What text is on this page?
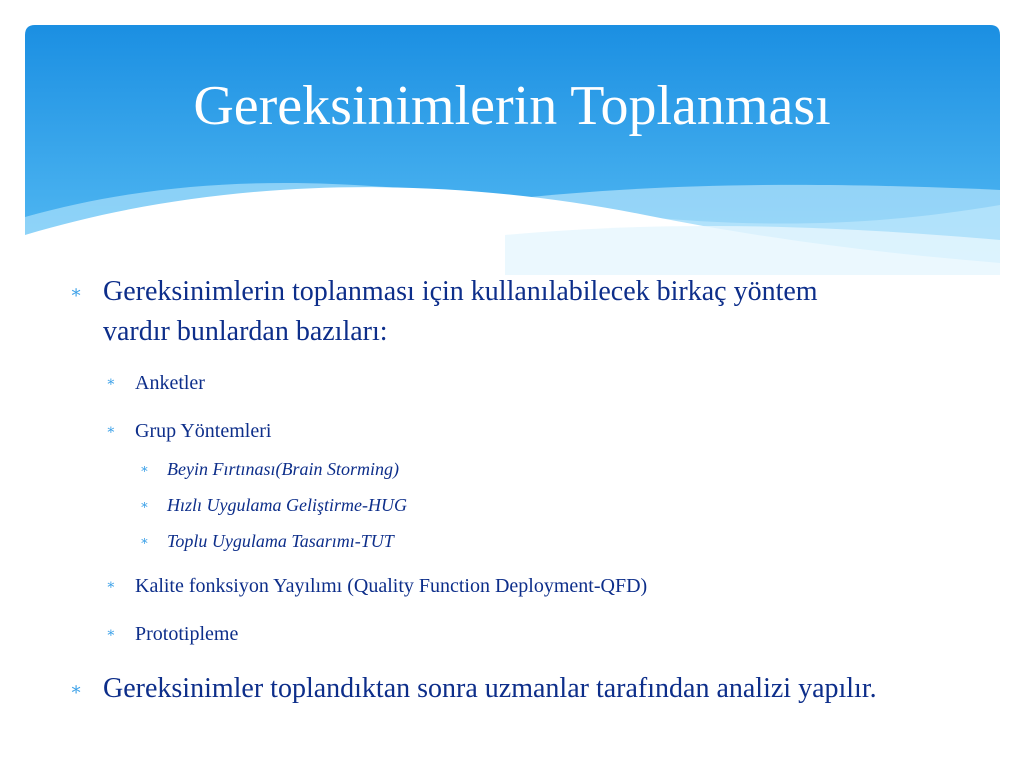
Gereksinimlerin Toplanması
∗ Gereksinimlerin toplanması için kullanılabilecek birkaç yöntem
vardır bunlardan bazıları:
∗ Anketler
∗ Grup Yöntemleri
∗ Beyin Fırtınası(Brain Storming)
∗ Hızlı Uygulama Geliştirme-HUG
∗ Toplu Uygulama Tasarımı-TUT
∗ Kalite fonksiyon Yayılımı (Quality Function Deployment-QFD)
∗ Prototipleme
∗ Gereksinimler toplandıktan sonra uzmanlar tarafından analizi yapılır.
